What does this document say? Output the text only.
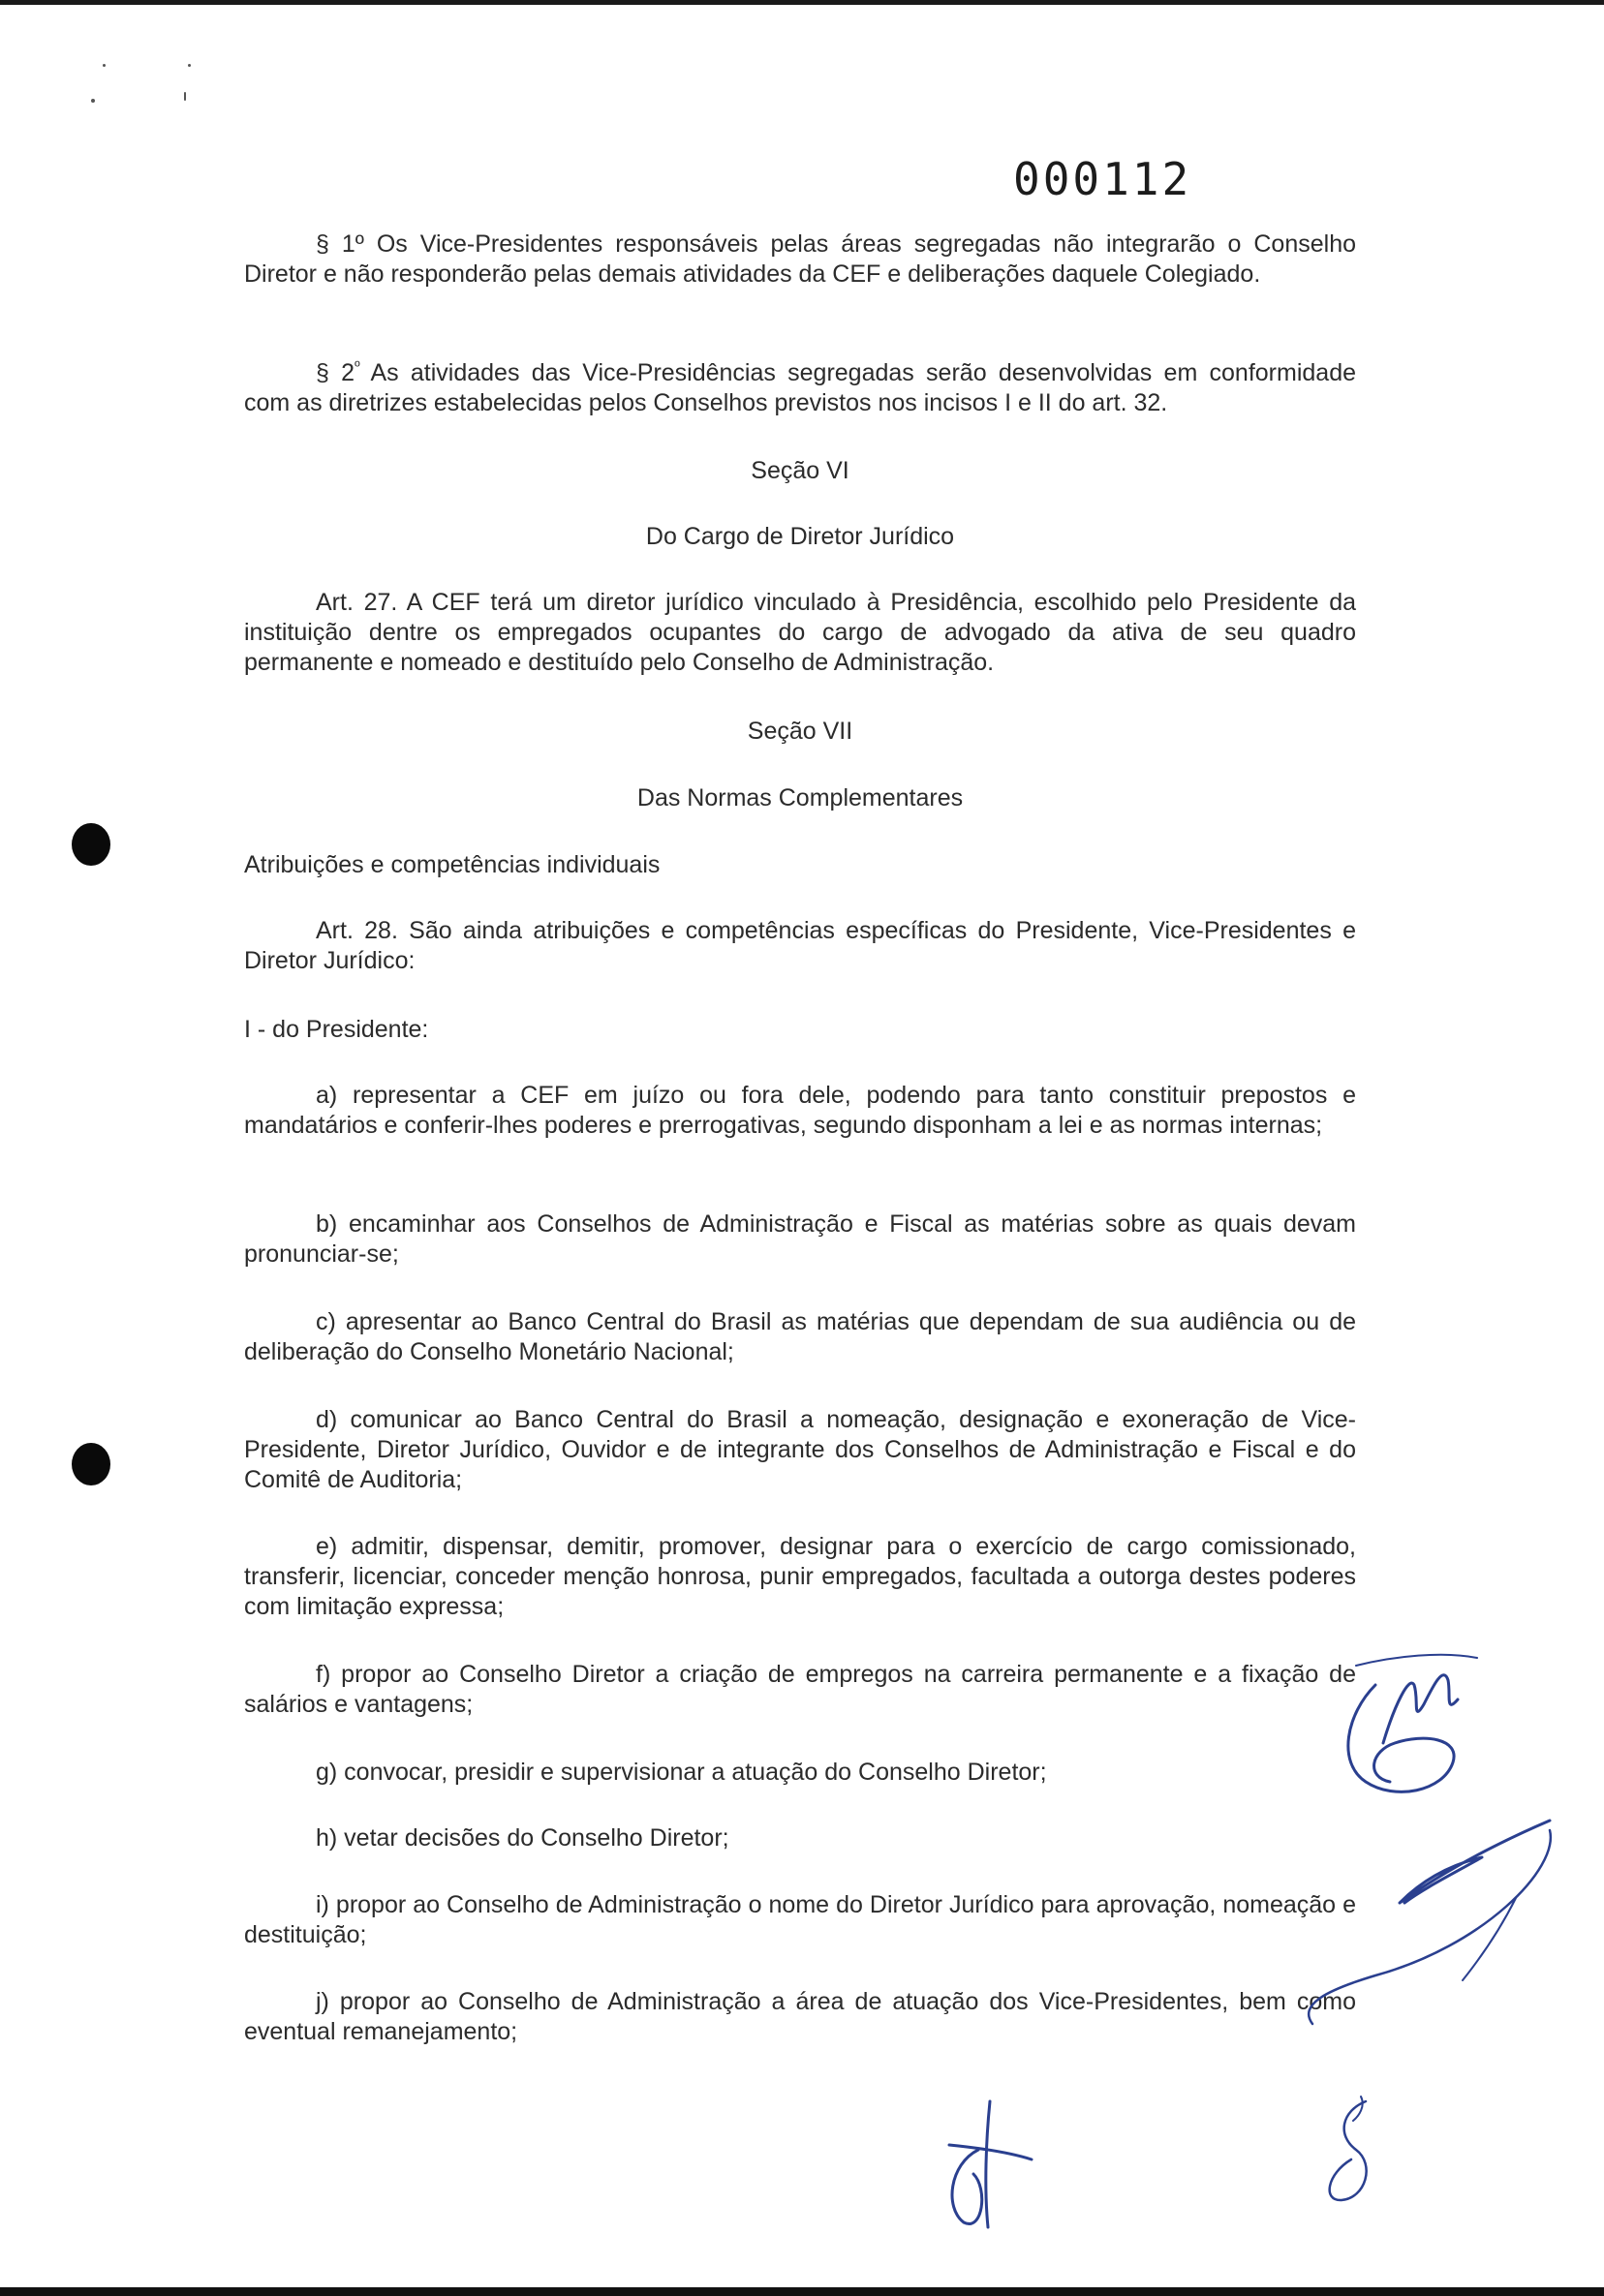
000112

§ 1º Os Vice-Presidentes responsáveis pelas áreas segregadas não integrarão o Conselho Diretor e não responderão pelas demais atividades da CEF e deliberações daquele Colegiado.

§ $2^º$ As atividades das Vice-Presidências segregadas serão desenvolvidas em conformidade com as diretrizes estabelecidas pelos Conselhos previstos nos incisos I e II do art. 32.

Seção VI

Do Cargo de Diretor Jurídico

Art. 27. A CEF terá um diretor jurídico vinculado à Presidência, escolhido pelo Presidente da instituição dentre os empregados ocupantes do cargo de advogado da ativa de seu quadro permanente e nomeado e destituído pelo Conselho de Administração.

Seção VII

Das Normas Complementares

Atribuições e competências individuais

Art. 28. São ainda atribuições e competências específicas do Presidente, Vice-Presidentes e Diretor Jurídico:

I - do Presidente:

a) representar a CEF em juízo ou fora dele, podendo para tanto constituir prepostos e mandatários e conferir-lhes poderes e prerrogativas, segundo disponham a lei e as normas internas;

b) encaminhar aos Conselhos de Administração e Fiscal as matérias sobre as quais devam pronunciar-se;

c) apresentar ao Banco Central do Brasil as matérias que dependam de sua audiência ou de deliberação do Conselho Monetário Nacional;

d) comunicar ao Banco Central do Brasil a nomeação, designação e exoneração de Vice-Presidente, Diretor Jurídico, Ouvidor e de integrante dos Conselhos de Administração e Fiscal e do Comitê de Auditoria;

e) admitir, dispensar, demitir, promover, designar para o exercício de cargo comissionado, transferir, licenciar, conceder menção honrosa, punir empregados, facultada a outorga destes poderes com limitação expressa;

f) propor ao Conselho Diretor a criação de empregos na carreira permanente e a fixação de salários e vantagens;

g) convocar, presidir e supervisionar a atuação do Conselho Diretor;

h) vetar decisões do Conselho Diretor;

i) propor ao Conselho de Administração o nome do Diretor Jurídico para aprovação, nomeação e destituição;

j) propor ao Conselho de Administração a área de atuação dos Vice-Presidentes, bem como eventual remanejamento;
